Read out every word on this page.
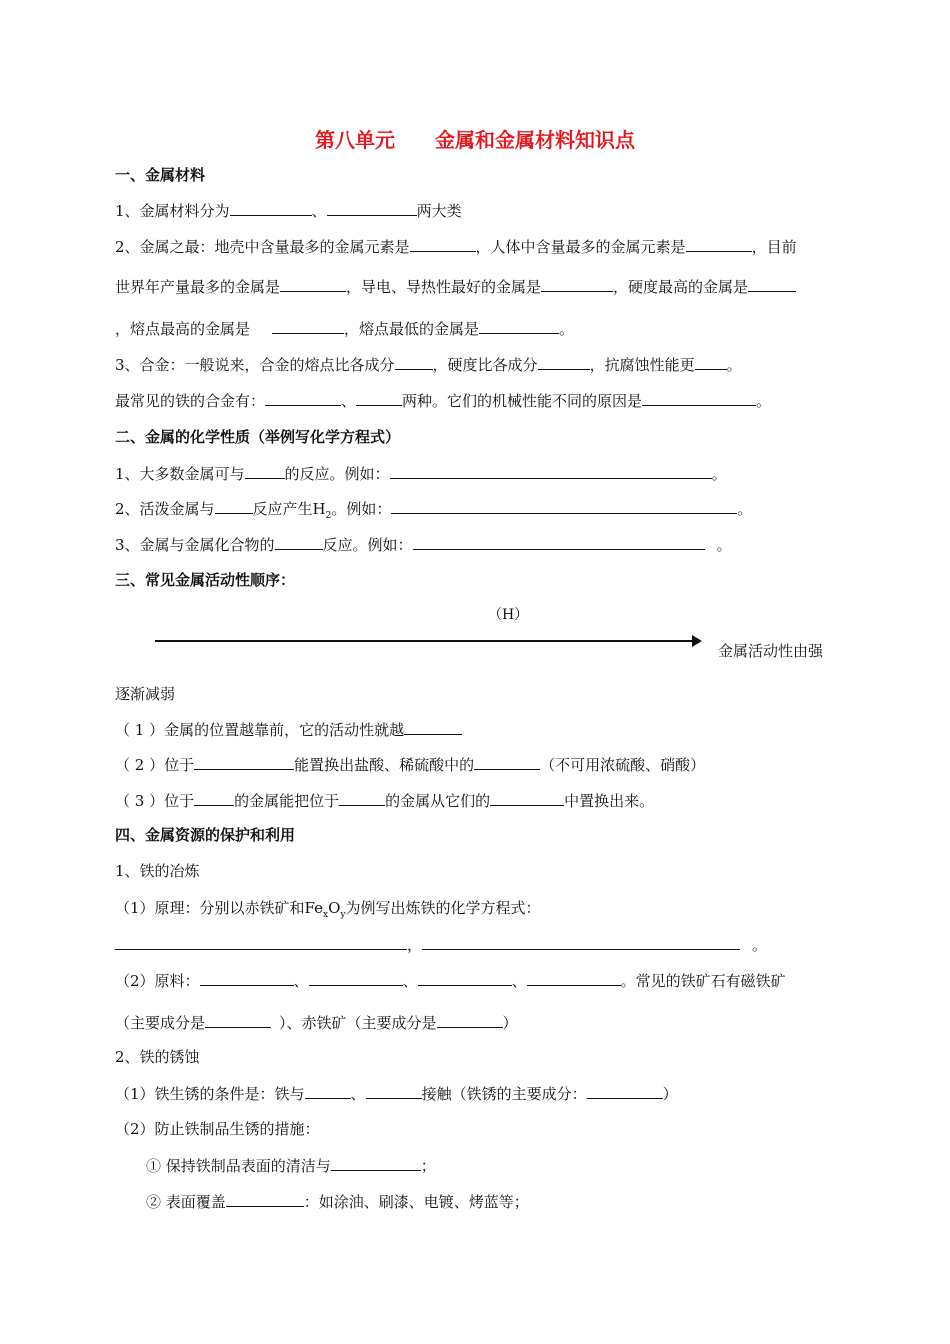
第八单元　　金属和金属材料知识点
一、金属材料
1、金属材料分为	、	两大类
2、金属之最：地壳中含量最多的金属元素是	，人体中含量最多的金属元素是	，目前
世界年产量最多的金属是	，导电、导热性最好的金属是	，硬度最高的金属是
，熔点最高的金属是	，熔点最低的金属是	。
3、合金：一般说来，合金的熔点比各成分	，硬度比各成分	，抗腐蚀性能更 。
最常见的铁的合金有：	、	两种。它们的机械性能不同的原因是	。
二、金属的化学性质（举例写化学方程式）
1、大多数金属可与	的反应。例如：	。
2、活泼金属与	反应产生$H_2$。例如：	。
3、金属与金属化合物的	反应。例如：	。
三、常见金属活动性顺序：
（H）
金属活动性由强
逐渐减弱
（ 1 ）金属的位置越靠前，它的活动性就越
（ 2 ）位于	能置换出盐酸、稀硫酸中的	（不可用浓硫酸、硝酸）
（ 3 ）位于	的金属能把位于	的金属从它们的	中置换出来。
四、金属资源的保护和利用
1、铁的冶炼
（1）原理：分别以赤铁矿和$Fe_xO_y$为例写出炼铁的化学方程式：
，	。
（2）原料：	、	、	、	。常见的铁矿石有磁铁矿
（主要成分是	）、赤铁矿（主要成分是	）
2、铁的锈蚀
（1）铁生锈的条件是：铁与	、	接触（铁锈的主要成分：	）
（2）防止铁制品生锈的措施：
① 保持铁制品表面的清洁与	；
② 表面覆盖	：如涂油、刷漆、电镀、烤蓝等；
